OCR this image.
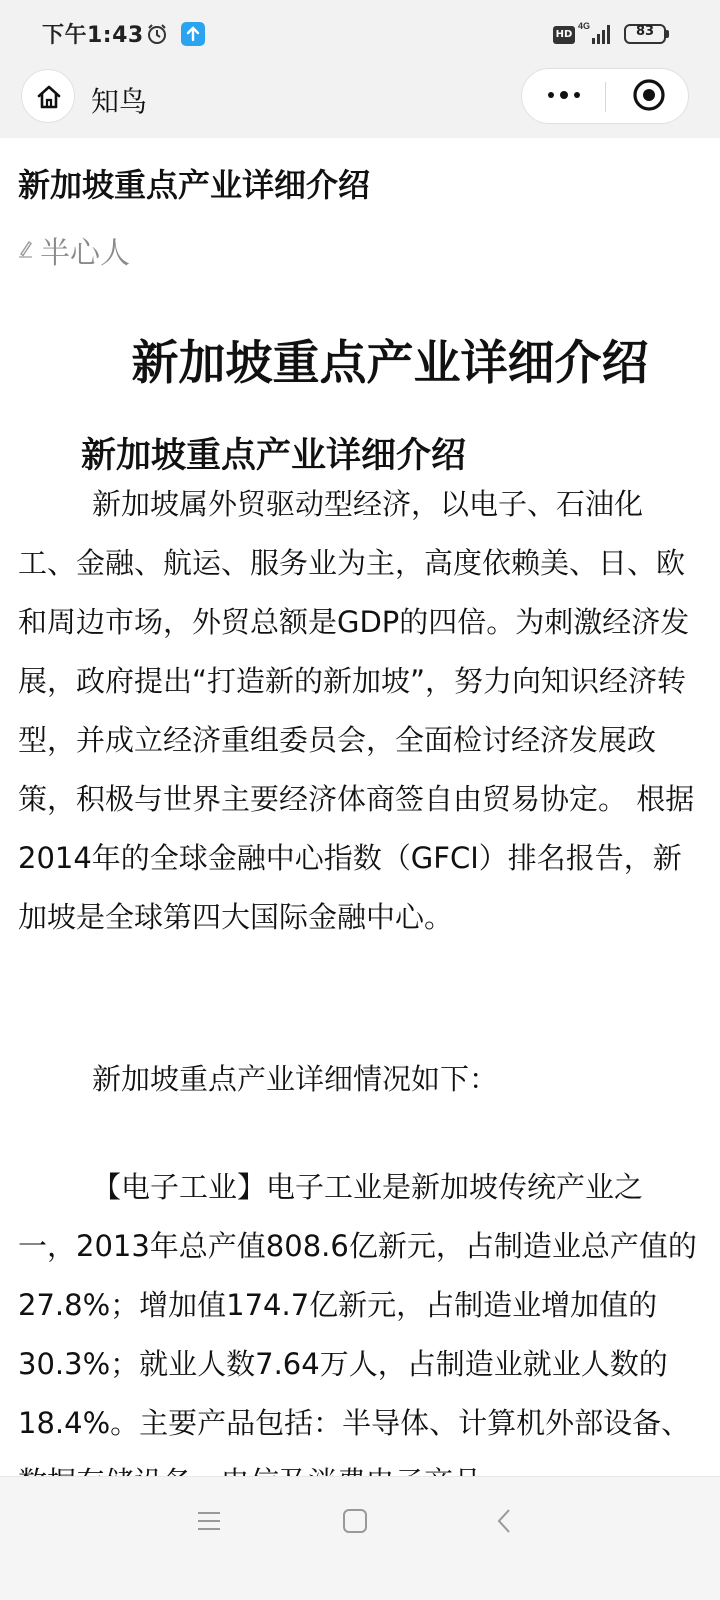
下午1:43	HD
4G	83
知鸟
新加坡重点产业详细介绍
半心人
新加坡重点产业详细介绍
新加坡重点产业详细介绍
新加坡属外贸驱动型经济，以电子、石油化工、金融、航运、服务业为主，高度依赖美、日、欧和周边市场，外贸总额是GDP的四倍。为刺激经济发展，政府提出“打造新的新加坡”，努力向知识经济转型，并成立经济重组委员会，全面检讨经济发展政策，积极与世界主要经济体商签自由贸易协定。 根据2014年的全球金融中心指数（GFCI）排名报告，新加坡是全球第四大国际金融中心。
新加坡重点产业详细情况如下：
【电子工业】电子工业是新加坡传统产业之一，2013年总产值808.6亿新元，占制造业总产值的27.8%；增加值174.7亿新元，占制造业增加值的30.3%；就业人数7.64万人，占制造业就业人数的18.4%。主要产品包括：半导体、计算机外部设备、
